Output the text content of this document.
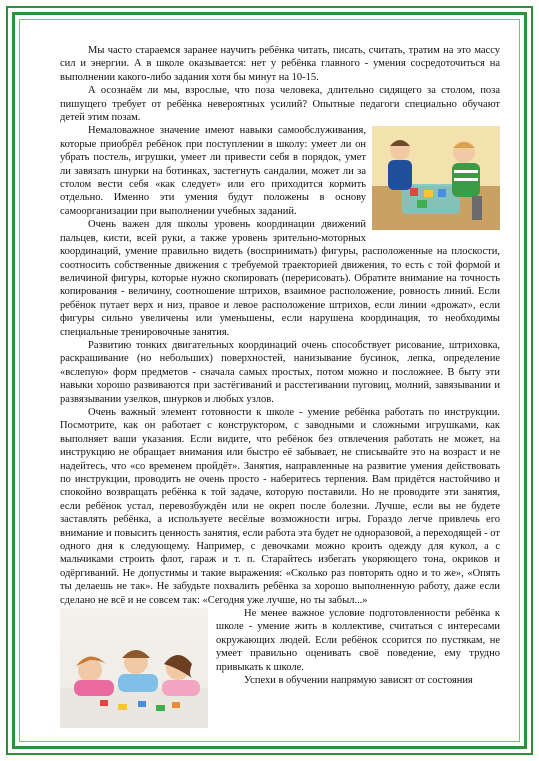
Мы часто стараемся заранее научить ребёнка читать, писать, считать, тратим на это массу сил и энергии. А в школе оказывается: нет у ребёнка главного - умения сосредоточиться на выполнении какого-либо задания хотя бы минут на 10-15.

А осознаём ли мы, взрослые, что поза человека, длительно сидящего за столом, поза пишущего требует от ребёнка невероятных усилий? Опытные педагоги специально обучают детей этим позам.

Немаловажное значение имеют навыки самообслуживания, которые приобрёл ребёнок при поступлении в школу: умеет ли он убрать постель, игрушки, умеет ли привести себя в порядок, умет ли завязать шнурки на ботинках, застегнуть сандалии, может ли за столом вести себя «как следует» или его приходится кормить отдельно. Именно эти умения будут положены в основу самоорганизации при выполнении учебных заданий.

Очень важен для школы уровень координации движений пальцев, кисти, всей руки, а также уровень зрительно-моторных координаций, умение правильно видеть (воспринимать) фигуры, расположенные на плоскости, соотносить собственные движения с требуемой траекторией движения, то есть с той формой и величиной фигуры, которые нужно скопировать (перерисовать). Обратите внимание на точность копирования - величину, соотношение штрихов, взаимное расположение, ровность линий. Если ребёнок путает верх и низ, правое и левое расположение штрихов, если линии «дрожат», если фигуры сильно увеличены или уменьшены, если нарушена координация, то необходимы специальные тренировочные занятия.

Развитию тонких двигательных координаций очень способствует рисование, штриховка, раскрашивание (но небольших) поверхностей, нанизывание бусинок, лепка, определение «вслепую» форм предметов - сначала самых простых, потом можно и посложнее. В быту эти навыки хорошо развиваются при застёгиваний и расстегивании пуговиц, молний, завязывании и развязывании узелков, шнурков и любых узлов.

Очень важный элемент готовности к школе - умение ребёнка работать по инструкции. Посмотрите, как он работает с конструктором, с заводными и сложными игрушками, как выполняет ваши указания. Если видите, что ребёнок без отвлечения работать не может, на инструкцию не обращает внимания или быстро её забывает, не списывайте это на возраст и не надейтесь, что «со временем пройдёт». Занятия, направленные на развитие умения действовать по инструкции, проводить не очень просто - наберитесь терпения. Вам придётся настойчиво и спокойно возвращать ребёнка к той задаче, которую поставили. Но не проводите эти занятия, если ребёнок устал, перевозбуждён или не окреп после болезни. Лучше, если вы не будете заставлять ребёнка, а используете весёлые возможности игры. Гораздо легче привлечь его внимание и повысить ценность занятия, если работа эта будет не одноразовой, а переходящей - от одного дня к следующему. Например, с девочками можно кроить одежду для кукол, а с мальчиками строить флот, гараж и т. п. Старайтесь избегать укоряющего тона, окриков и одёргиваний. Не допустимы и такие выражения: «Сколько раз повторять одно и то же», «Опять ты делаешь не так». Не забудьте похвалить ребёнка за хорошо выполненную работу, даже если сделано не всё и не совсем так: «Сегодня уже лучше, но ты забыл...»

Не менее важное условие подготовленности ребёнка к школе - умение жить в коллективе, считаться с интересами окружающих людей. Если ребёнок ссорится по пустякам, не умеет правильно оценивать своё поведение, ему трудно привыкать к школе.

Успехи в обучении напрямую зависят от состояния
